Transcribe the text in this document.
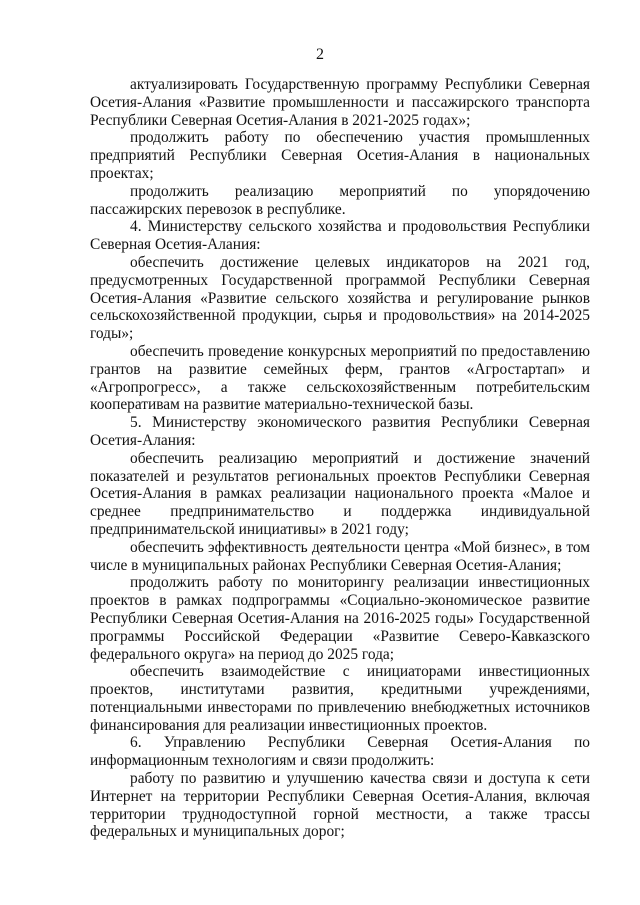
2

актуализировать Государственную программу Республики Северная Осетия-Алания «Развитие промышленности и пассажирского транспорта Республики Северная Осетия-Алания в 2021-2025 годах»;

продолжить работу по обеспечению участия промышленных предприятий Республики Северная Осетия-Алания в национальных проектах;

продолжить реализацию мероприятий по упорядочению пассажирских перевозок в республике.

4. Министерству сельского хозяйства и продовольствия Республики Северная Осетия-Алания:

обеспечить достижение целевых индикаторов на 2021 год, предусмотренных Государственной программой Республики Северная Осетия-Алания «Развитие сельского хозяйства и регулирование рынков сельскохозяйственной продукции, сырья и продовольствия» на 2014-2025 годы»;

обеспечить проведение конкурсных мероприятий по предоставлению грантов на развитие семейных ферм, грантов «Агростартап» и «Агропрогресс», а также сельскохозяйственным потребительским кооперативам на развитие материально-технической базы.

5. Министерству экономического развития Республики Северная Осетия-Алания:

обеспечить реализацию мероприятий и достижение значений показателей и результатов региональных проектов Республики Северная Осетия-Алания в рамках реализации национального проекта «Малое и среднее предпринимательство и поддержка индивидуальной предпринимательской инициативы» в 2021 году;

обеспечить эффективность деятельности центра «Мой бизнес», в том числе в муниципальных районах Республики Северная Осетия-Алания;

продолжить работу по мониторингу реализации инвестиционных проектов в рамках подпрограммы «Социально-экономическое развитие Республики Северная Осетия-Алания на 2016-2025 годы» Государственной программы Российской Федерации «Развитие Северо-Кавказского федерального округа» на период до 2025 года;

обеспечить взаимодействие с инициаторами инвестиционных проектов, институтами развития, кредитными учреждениями, потенциальными инвесторами по привлечению внебюджетных источников финансирования для реализации инвестиционных проектов.

6. Управлению Республики Северная Осетия-Алания по информационным технологиям и связи продолжить:

работу по развитию и улучшению качества связи и доступа к сети Интернет на территории Республики Северная Осетия-Алания, включая территории труднодоступной горной местности, а также трассы федеральных и муниципальных дорог;
